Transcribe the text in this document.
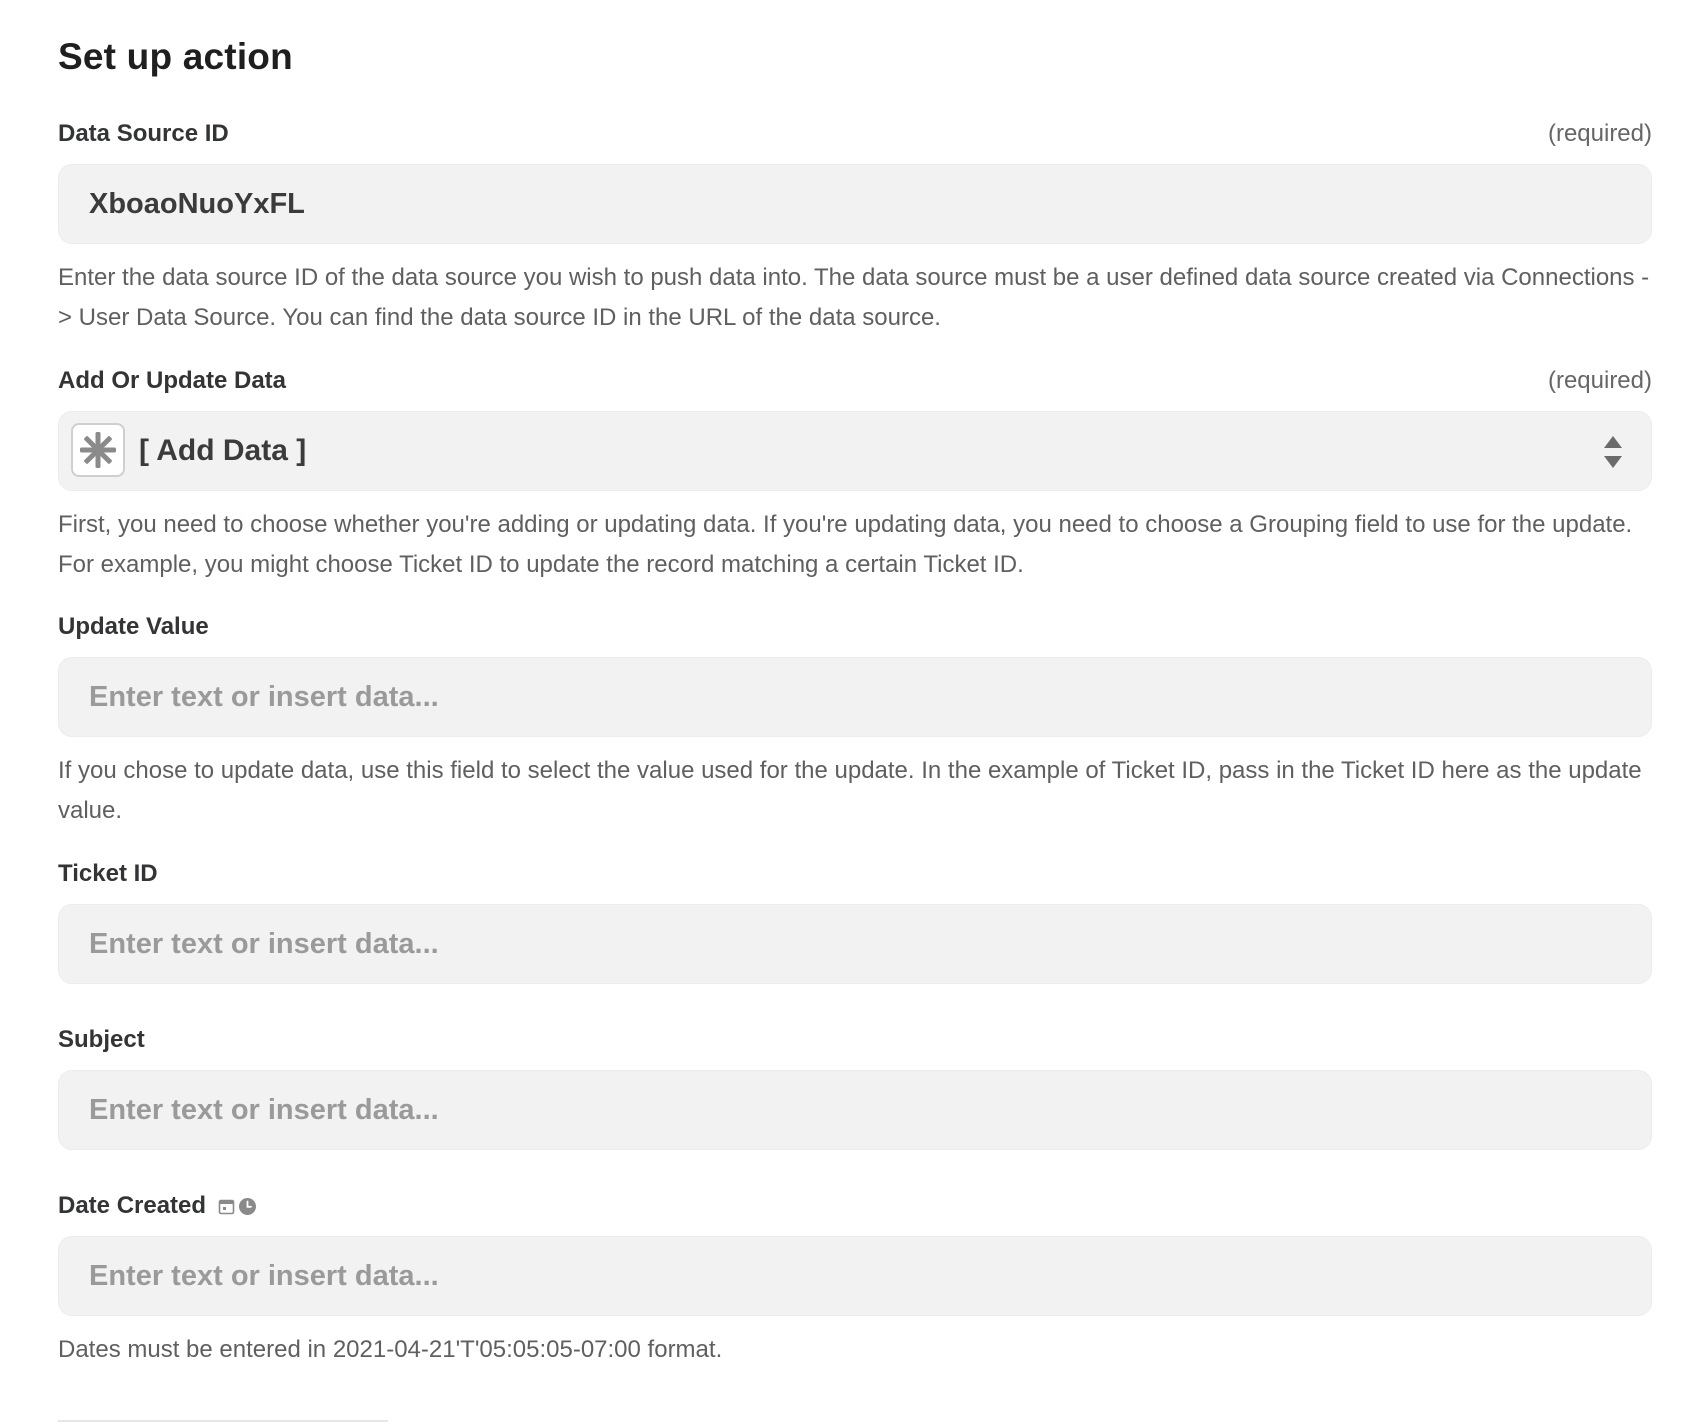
Set up action
Data Source ID	(required)
XboaoNuoYxFL
Enter the data source ID of the data source you wish to push data into. The data source must be a user defined data source created via Connections -> User Data Source. You can find the data source ID in the URL of the data source.
Add Or Update Data	(required)
[ Add Data ]
First, you need to choose whether you're adding or updating data. If you're updating data, you need to choose a Grouping field to use for the update. For example, you might choose Ticket ID to update the record matching a certain Ticket ID.
Update Value
Enter text or insert data...
If you chose to update data, use this field to select the value used for the update. In the example of Ticket ID, pass in the Ticket ID here as the update value.
Ticket ID
Enter text or insert data...
Subject
Enter text or insert data...
Date Created
Enter text or insert data...
Dates must be entered in 2021-04-21'T'05:05:05-07:00 format.
